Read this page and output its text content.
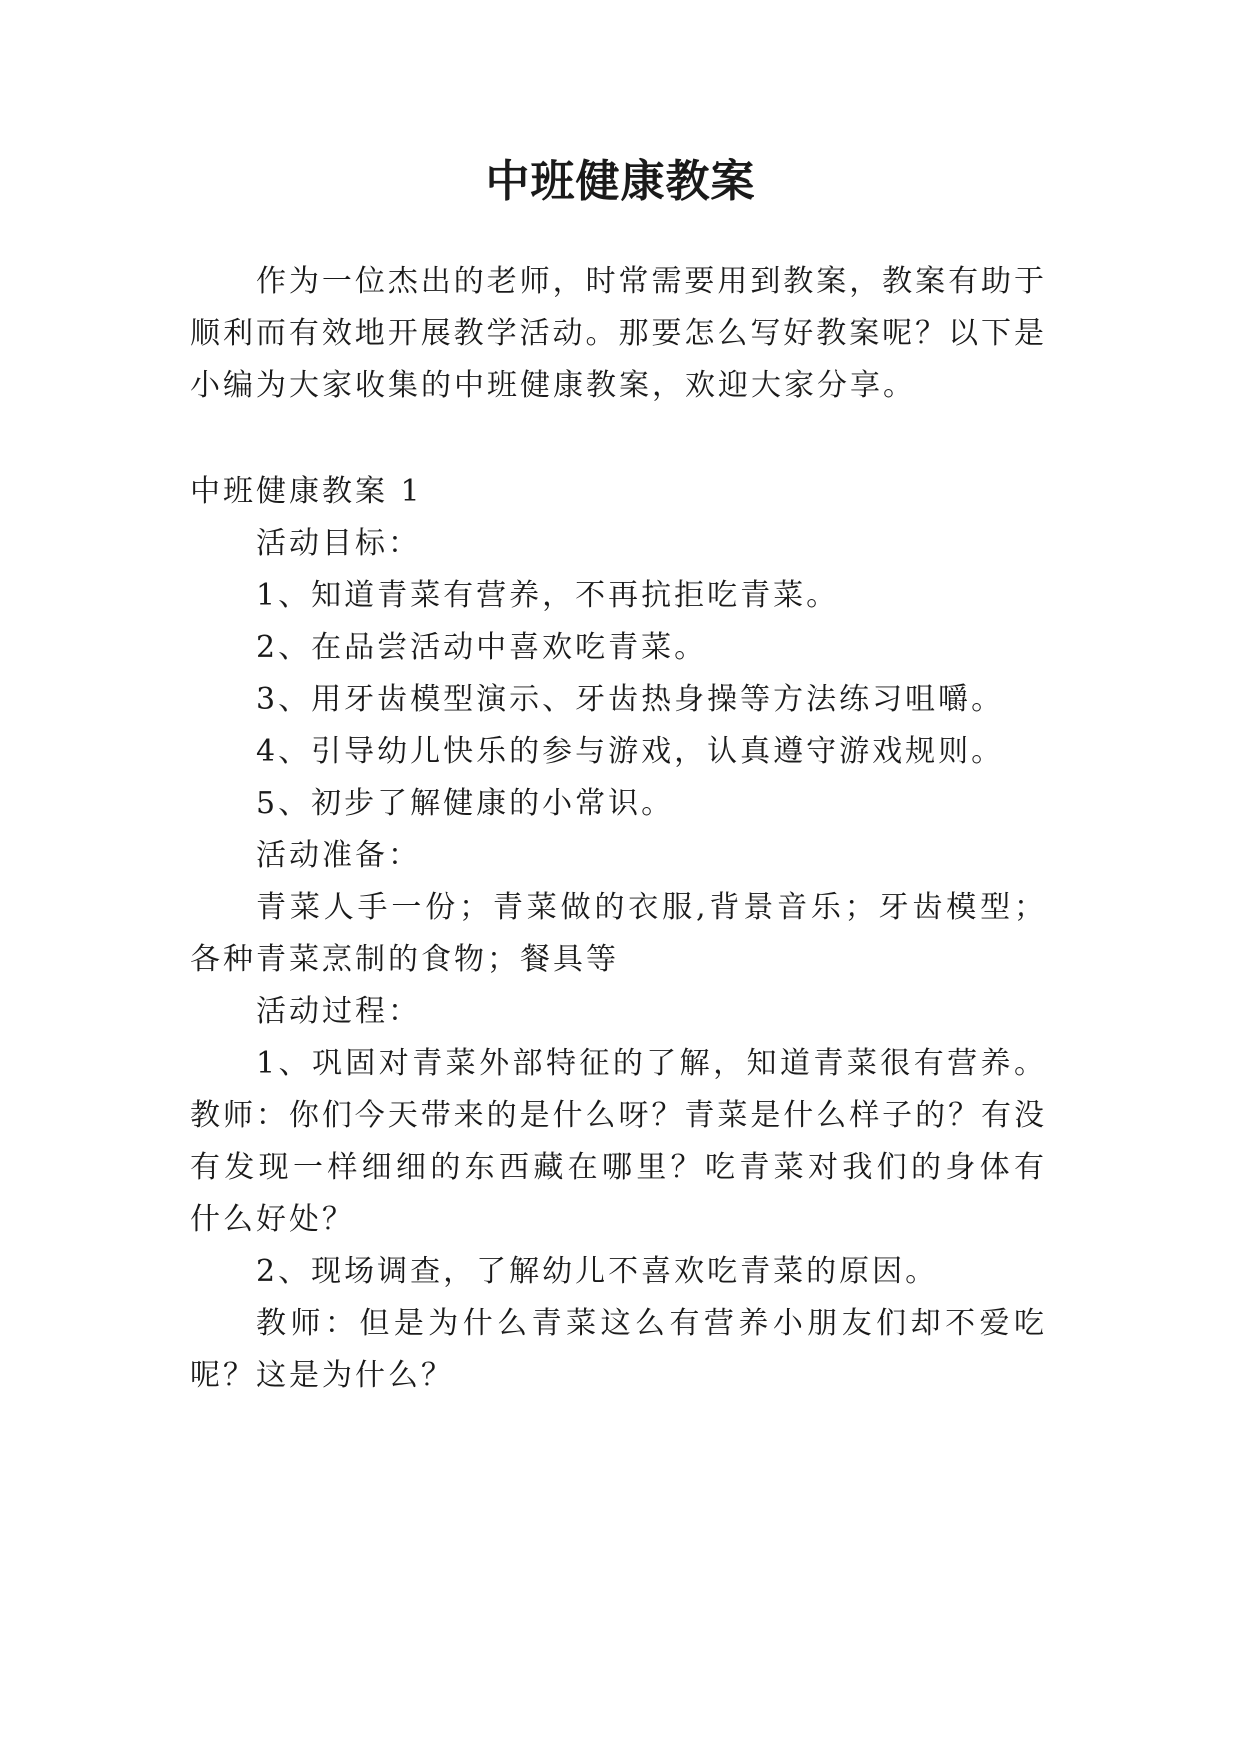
中班健康教案
作为一位杰出的老师，时常需要用到教案，教案有助于
顺利而有效地开展教学活动。那要怎么写好教案呢？以下是
小编为大家收集的中班健康教案，欢迎大家分享。
中班健康教案 1
活动目标：
1、知道青菜有营养，不再抗拒吃青菜。
2、在品尝活动中喜欢吃青菜。
3、用牙齿模型演示、牙齿热身操等方法练习咀嚼。
4、引导幼儿快乐的参与游戏，认真遵守游戏规则。
5、初步了解健康的小常识。
活动准备：
青菜人手一份；青菜做的衣服,背景音乐；牙齿模型；
各种青菜烹制的食物；餐具等
活动过程：
1、巩固对青菜外部特征的了解，知道青菜很有营养。
教师：你们今天带来的是什么呀？青菜是什么样子的？有没
有发现一样细细的东西藏在哪里？吃青菜对我们的身体有
什么好处？
2、现场调查，了解幼儿不喜欢吃青菜的原因。
教师：但是为什么青菜这么有营养小朋友们却不爱吃
呢？这是为什么？
